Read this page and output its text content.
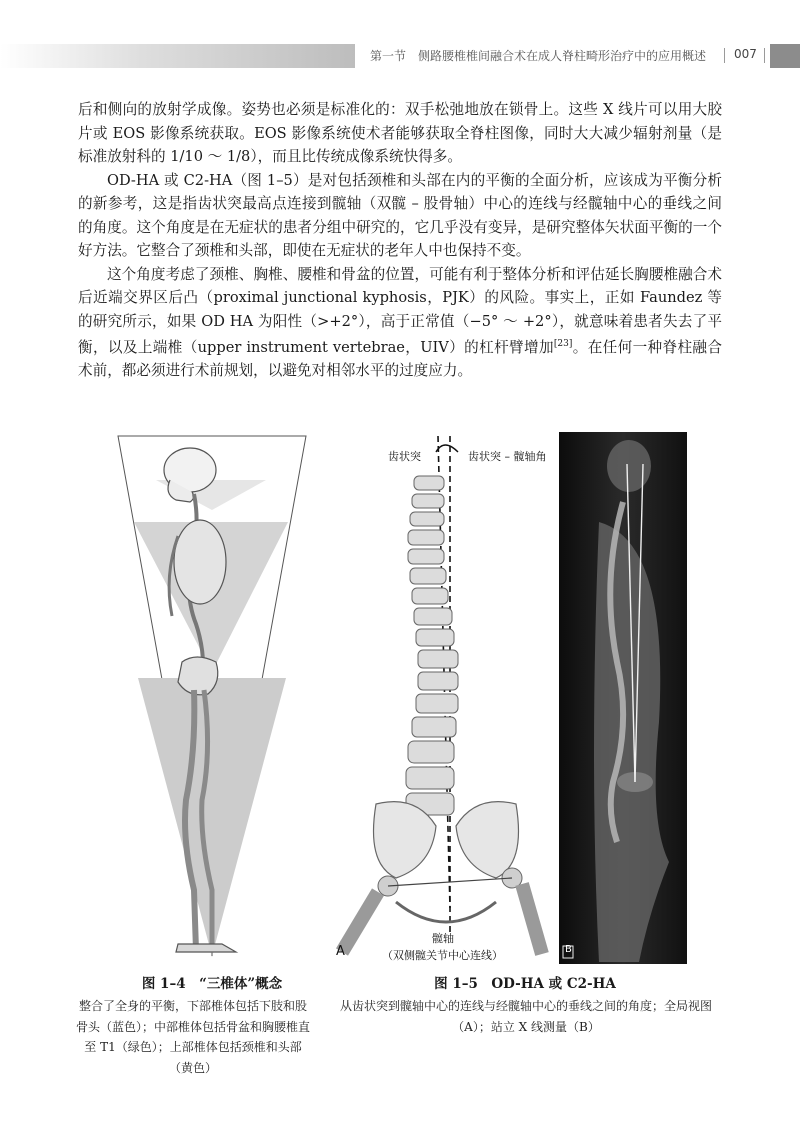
第一节　侧路腰椎椎间融合术在成人脊柱畸形治疗中的应用概述 007

后和侧向的放射学成像。姿势也必须是标准化的：双手松弛地放在锁骨上。这些 X 线片可以用大胶片或 EOS 影像系统获取。EOS 影像系统使术者能够获取全脊柱图像，同时大大减少辐射剂量（是标准放射科的 1/10 ～ 1/8），而且比传统成像系统快得多。

OD-HA 或 C2-HA（图 1–5）是对包括颈椎和头部在内的平衡的全面分析，应该成为平衡分析的新参考，这是指齿状突最高点连接到髋轴（双髋 – 股骨轴）中心的连线与经髋轴中心的垂线之间的角度。这个角度是在无症状的患者分组中研究的，它几乎没有变异，是研究整体矢状面平衡的一个好方法。它整合了颈椎和头部，即使在无症状的老年人中也保持不变。

这个角度考虑了颈椎、胸椎、腰椎和骨盆的位置，可能有利于整体分析和评估延长胸腰椎融合术后近端交界区后凸（proximal junctional kyphosis，PJK）的风险。事实上，正如 Faundez 等的研究所示，如果 OD HA 为阳性（>+2°），高于正常值（−5° ～ +2°），就意味着患者失去了平衡，以及上端椎（upper instrument vertebrae，UIV）的杠杆臂增加[23]。在任何一种脊柱融合术前，都必须进行术前规划，以避免对相邻水平的过度应力。

图 1–4　“三椎体”概念
整合了全身的平衡，下部椎体包括下肢和股骨头（蓝色）；中部椎体包括骨盆和胸腰椎直至 T1（绿色）；上部椎体包括颈椎和头部（黄色）
齿状突	齿状突 – 髋轴角
髋轴
（双侧髋关节中心连线）
A	B
图 1–5　OD-HA 或 C2-HA
从齿状突到髋轴中心的连线与经髋轴中心的垂线之间的角度；全局视图（A）；站立 X 线测量（B）
